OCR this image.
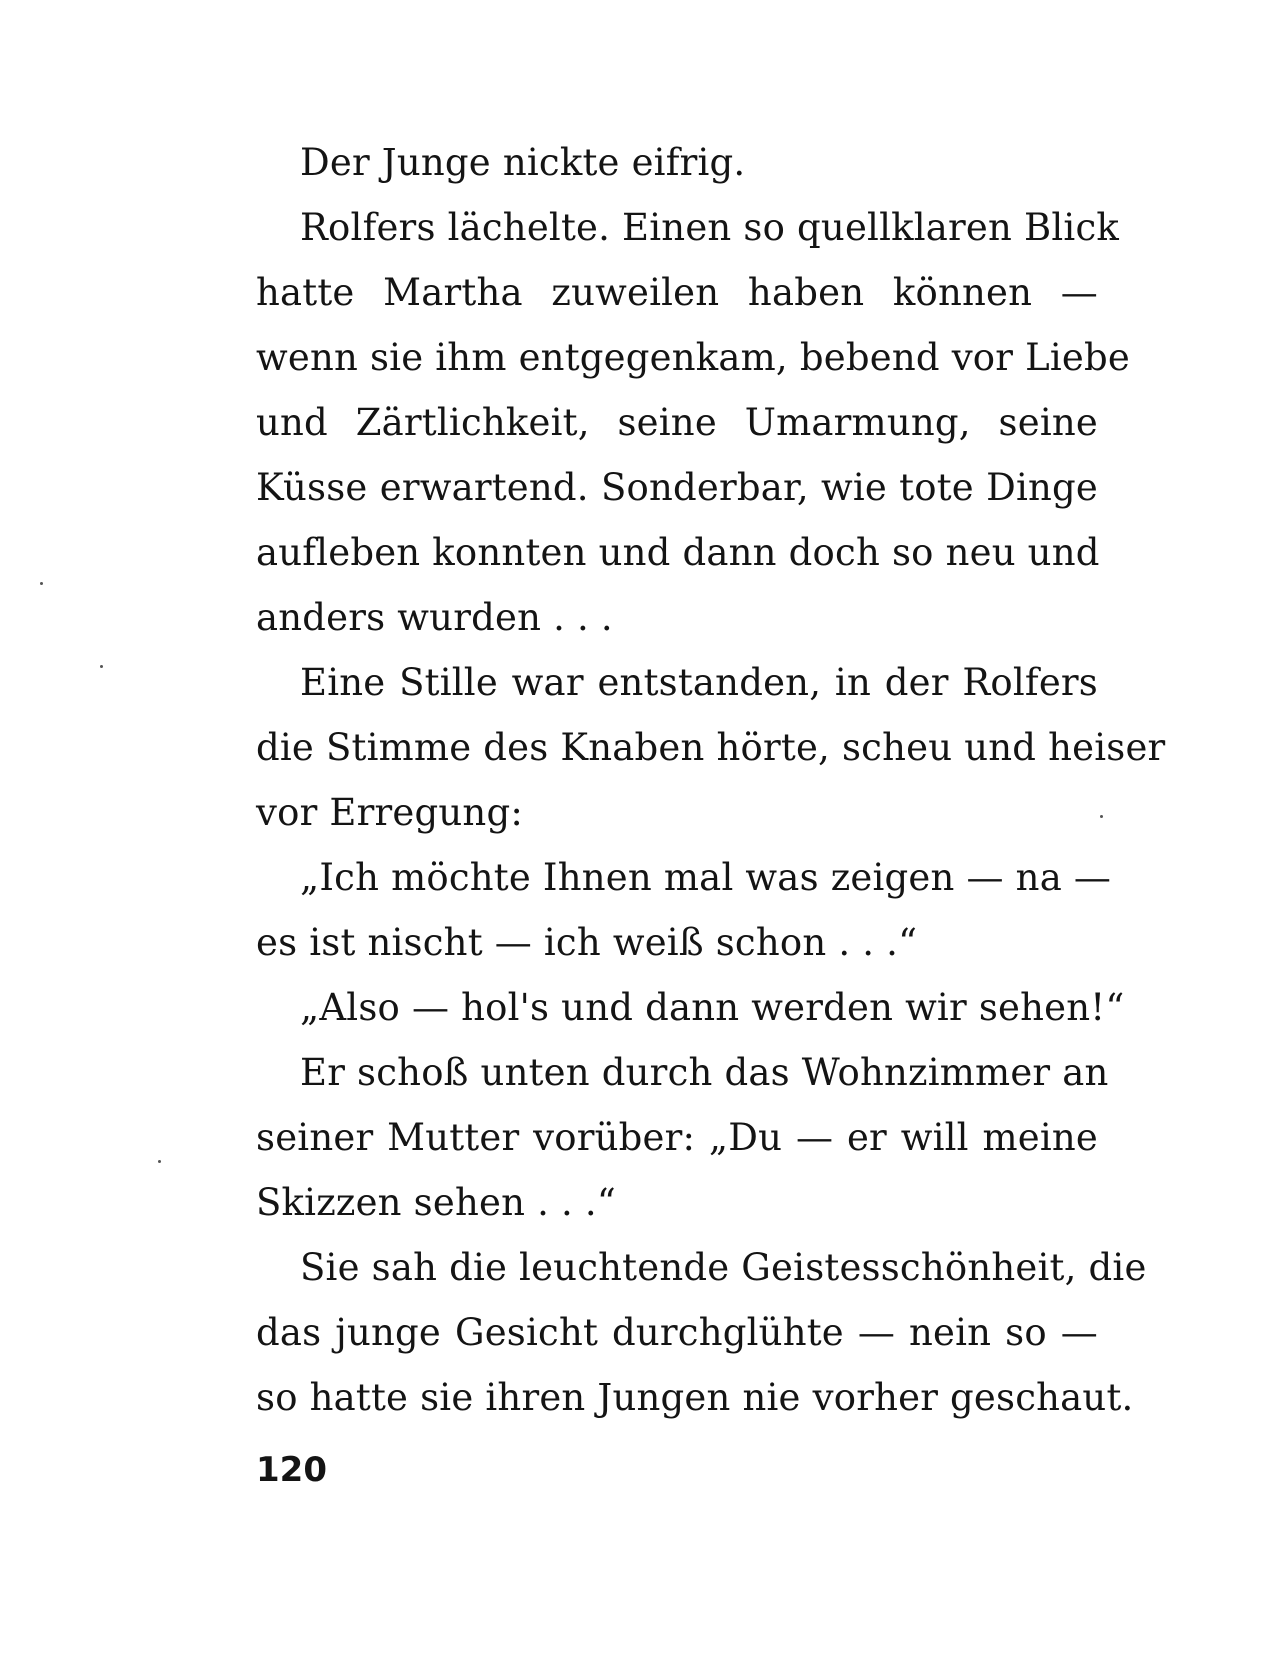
Der Junge nickte eifrig.
Rolfers lächelte. Einen so quellklaren Blick
hatte Martha zuweilen haben können —
wenn sie ihm entgegenkam, bebend vor Liebe
und Zärtlichkeit, seine Umarmung, seine
Küsse erwartend. Sonderbar, wie tote Dinge
aufleben konnten und dann doch so neu und
anders wurden . . .
Eine Stille war entstanden, in der Rolfers
die Stimme des Knaben hörte, scheu und heiser
vor Erregung:
„Ich möchte Ihnen mal was zeigen — na —
es ist nischt — ich weiß schon . . .“
„Also — hol's und dann werden wir sehen!“
Er schoß unten durch das Wohnzimmer an
seiner Mutter vorüber: „Du — er will meine
Skizzen sehen . . .“
Sie sah die leuchtende Geistesschönheit, die
das junge Gesicht durchglühte — nein so —
so hatte sie ihren Jungen nie vorher geschaut.
120
